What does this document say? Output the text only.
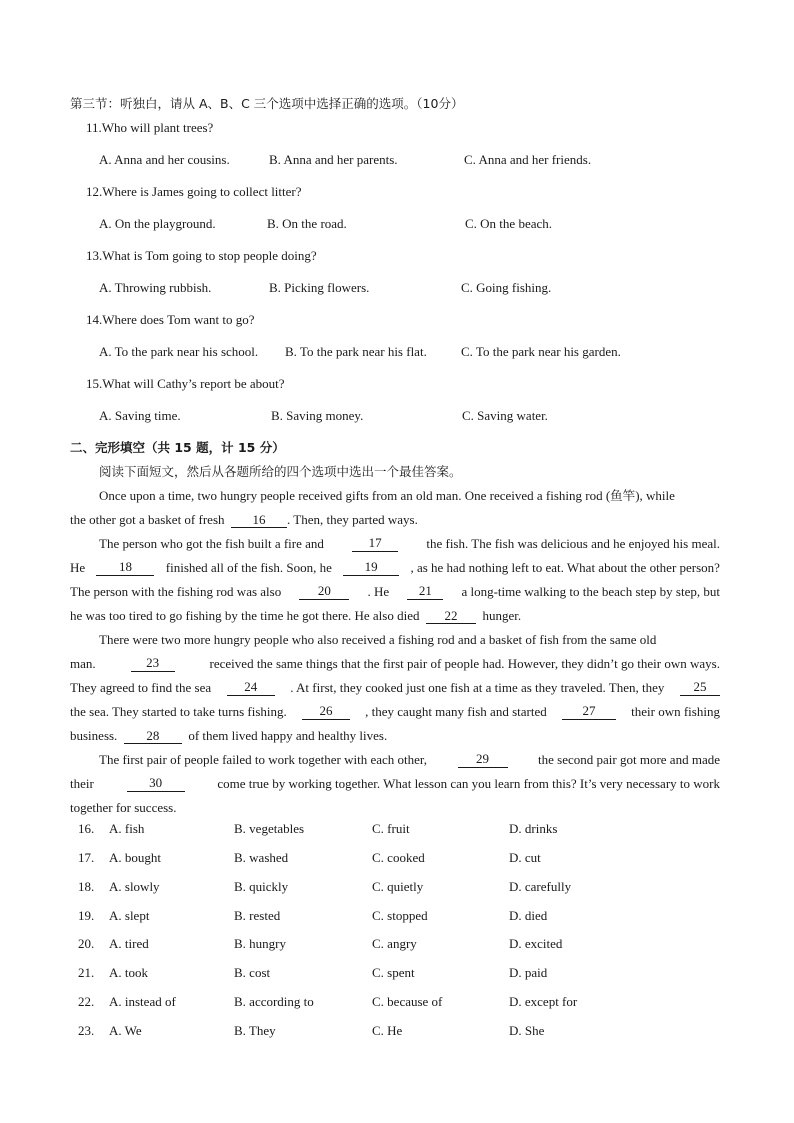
第三节：听独白，请从 A、B、C 三个选项中选择正确的选项。（10分）
11.Who will plant trees?
A. Anna and her cousins.	B. Anna and her parents.	C. Anna and her friends.
12.Where is James going to collect litter?
A. On the playground.	B. On the road.	C. On the beach.
13.What is Tom going to stop people doing?
A. Throwing rubbish.	B. Picking flowers.	C. Going fishing.
14.Where does Tom want to go?
A. To the park near his school. B. To the park near his flat.	C. To the park near his garden.
15.What will Cathy’s report be about?
A. Saving time.	B. Saving money.	C. Saving water.
二、完形填空（共 15 题，计 15 分）
阅读下面短文，然后从各题所给的四个选项中选出一个最佳答案。
Once upon a time, two hungry people received gifts from an old man. One received a fishing rod (鱼竿), while
the other got a basket of fresh 16 . Then, they parted ways.
The person who got the fish built a fire and	17	the fish. The fish was delicious and he enjoyed his meal.
He	18	finished all of the fish. Soon, he	19	, as he had nothing left to eat. What about the other person?
The person with the fishing rod was also	20	. He	21	a long-time walking to the beach step by step, but
he was too tired to go fishing by the time he got there. He also died 22 hunger.
There were two more hungry people who also received a fishing rod and a basket of fish from the same old
man.	23	received the same things that the first pair of people had. However, they didn’t go their own ways.
They agreed to find the sea	24	. At first, they cooked just one fish at a time as they traveled. Then, they	25
the sea. They started to take turns fishing.	26	, they caught many fish and started	27	their own fishing
business. 28 of them lived happy and healthy lives.
The first pair of people failed to work together with each other,	29	the second pair got more and made
their	30	come true by working together. What lesson can you learn from this? It’s very necessary to work
together for success.
16. A. fish	B. vegetables	C. fruit	D. drinks
17. A. bought	B. washed	C. cooked	D. cut
18. A. slowly	B. quickly	C. quietly	D. carefully
19. A. slept	B. rested	C. stopped	D. died
20. A. tired	B. hungry	C. angry	D. excited
21. A. took	B. cost	C. spent	D. paid
22. A. instead of	B. according to	C. because of	D. except for
23. A. We	B. They	C. He	D. She
